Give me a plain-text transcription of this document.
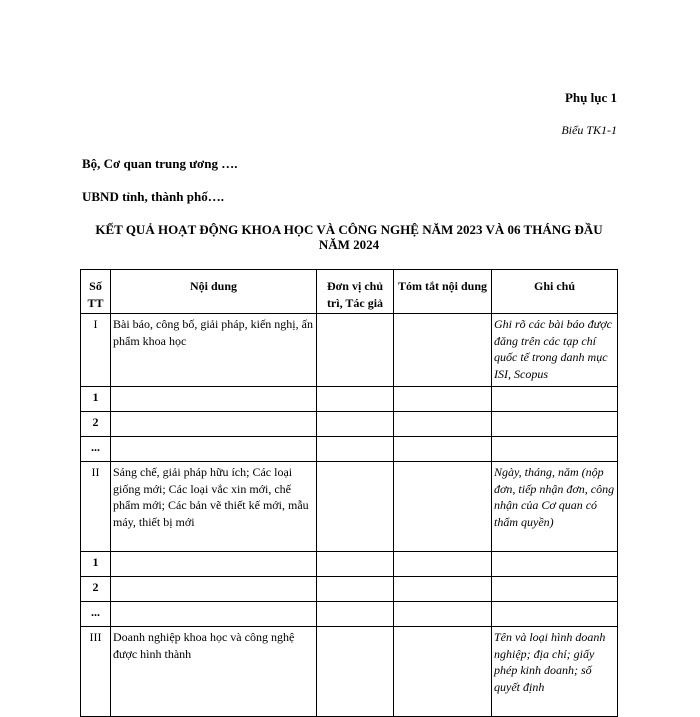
Phụ lục 1
Biểu TK1-1
Bộ, Cơ quan trung ương ….
UBND tỉnh, thành phố….
KẾT QUẢ HOẠT ĐỘNG KHOA HỌC VÀ CÔNG NGHỆ NĂM 2023 VÀ 06 THÁNG ĐẦU NĂM 2024
Số TT	Nội dung	Đơn vị chủ trì, Tác giả	Tóm tắt nội dung	Ghi chú
I	Bài báo, công bố, giải pháp, kiến nghị, ấn phẩm khoa học			Ghi rõ các bài báo được đăng trên các tạp chí quốc tế trong danh mục ISI, Scopus
1				
2				
...				
II	Sáng chế, giải pháp hữu ích; Các loại giống mới; Các loại vắc xin mới, chế phẩm mới; Các bản vẽ thiết kế mới, mẫu máy, thiết bị mới			Ngày, tháng, năm (nộp đơn, tiếp nhận đơn, công nhận của Cơ quan có thẩm quyền)
1				
2				
...				
III	Doanh nghiệp khoa học và công nghệ được hình thành			Tên và loại hình doanh nghiệp; địa chỉ; giấy phép kinh doanh; số quyết định
